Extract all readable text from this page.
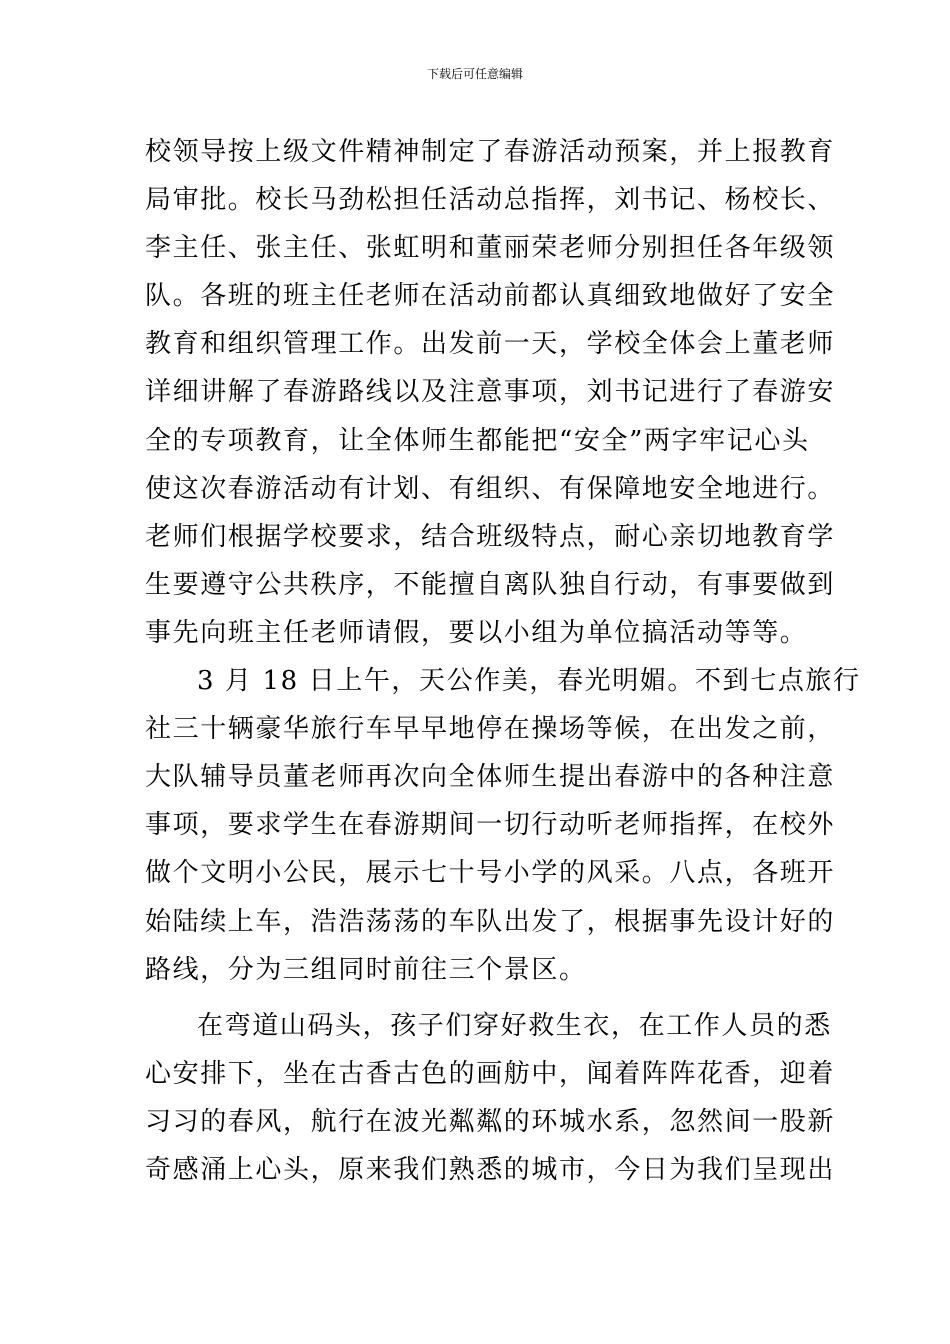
下载后可任意编辑
校领导按上级文件精神制定了春游活动预案，并上报教育
局审批。校长马劲松担任活动总指挥，刘书记、杨校长、
李主任、张主任、张虹明和董丽荣老师分别担任各年级领
队。各班的班主任老师在活动前都认真细致地做好了安全
教育和组织管理工作。出发前一天，学校全体会上董老师
详细讲解了春游路线以及注意事项，刘书记进行了春游安
全的专项教育，让全体师生都能把“安全”两字牢记心头
使这次春游活动有计划、有组织、有保障地安全地进行。
老师们根据学校要求，结合班级特点，耐心亲切地教育学
生要遵守公共秩序，不能擅自离队独自行动，有事要做到
事先向班主任老师请假，要以小组为单位搞活动等等。
3 月 18 日上午，天公作美，春光明媚。不到七点旅行
社三十辆豪华旅行车早早地停在操场等候，在出发之前，
大队辅导员董老师再次向全体师生提出春游中的各种注意
事项，要求学生在春游期间一切行动听老师指挥，在校外
做个文明小公民，展示七十号小学的风采。八点，各班开
始陆续上车，浩浩荡荡的车队出发了，根据事先设计好的
路线，分为三组同时前往三个景区。
在弯道山码头，孩子们穿好救生衣，在工作人员的悉
心安排下，坐在古香古色的画舫中，闻着阵阵花香，迎着
习习的春风，航行在波光粼粼的环城水系，忽然间一股新
奇感涌上心头，原来我们熟悉的城市，今日为我们呈现出
